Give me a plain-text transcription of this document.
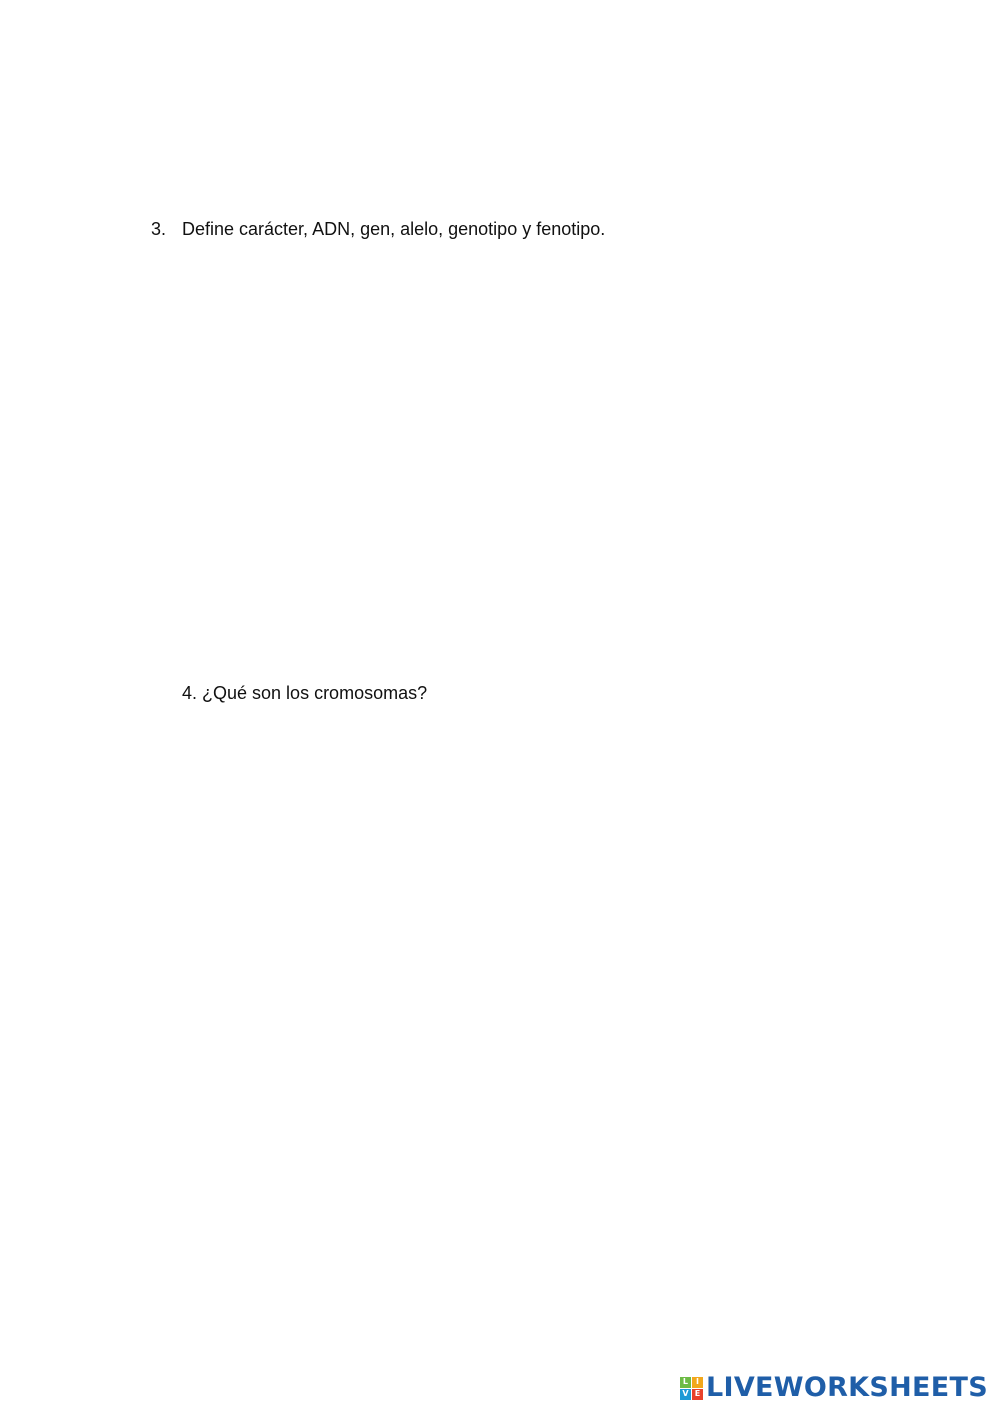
3. Define carácter, ADN, gen, alelo, genotipo y fenotipo.
4. ¿Qué son los cromosomas?
L I
V E LIVEWORKSHEETS
